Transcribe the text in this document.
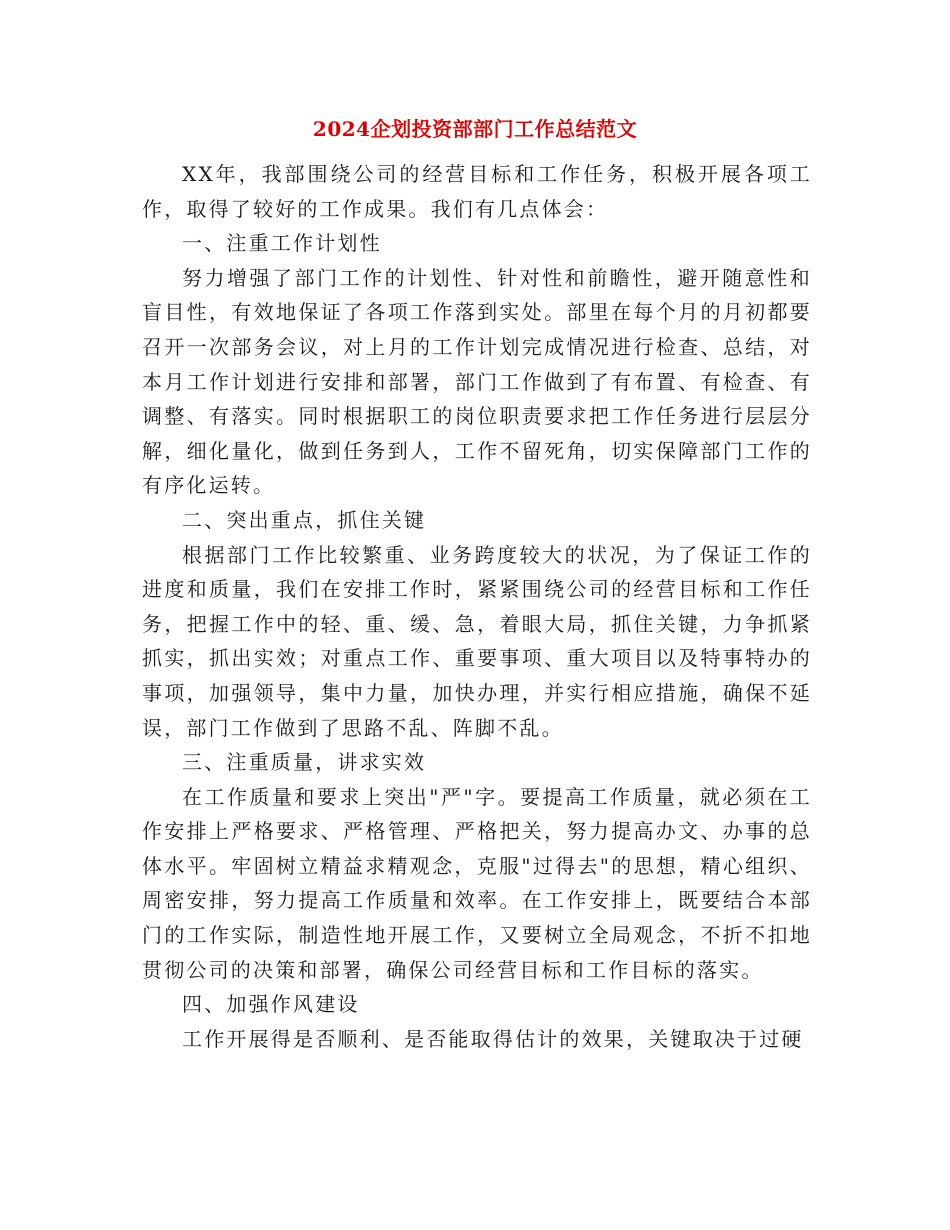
2024企划投资部部门工作总结范文

XX年，我部围绕公司的经营目标和工作任务，积极开展各项工作，取得了较好的工作成果。我们有几点体会：

一、注重工作计划性

努力增强了部门工作的计划性、针对性和前瞻性，避开随意性和盲目性，有效地保证了各项工作落到实处。部里在每个月的月初都要召开一次部务会议，对上月的工作计划完成情况进行检查、总结，对本月工作计划进行安排和部署，部门工作做到了有布置、有检查、有调整、有落实。同时根据职工的岗位职责要求把工作任务进行层层分解，细化量化，做到任务到人，工作不留死角，切实保障部门工作的有序化运转。

二、突出重点，抓住关键

根据部门工作比较繁重、业务跨度较大的状况，为了保证工作的进度和质量，我们在安排工作时，紧紧围绕公司的经营目标和工作任务，把握工作中的轻、重、缓、急，着眼大局，抓住关键，力争抓紧抓实，抓出实效；对重点工作、重要事项、重大项目以及特事特办的事项，加强领导，集中力量，加快办理，并实行相应措施，确保不延误，部门工作做到了思路不乱、阵脚不乱。

三、注重质量，讲求实效

在工作质量和要求上突出"严"字。要提高工作质量，就必须在工作安排上严格要求、严格管理、严格把关，努力提高办文、办事的总体水平。牢固树立精益求精观念，克服"过得去"的思想，精心组织、周密安排，努力提高工作质量和效率。在工作安排上，既要结合本部门的工作实际，制造性地开展工作，又要树立全局观念，不折不扣地贯彻公司的决策和部署，确保公司经营目标和工作目标的落实。

四、加强作风建设

工作开展得是否顺利、是否能取得估计的效果，关键取决于过硬
